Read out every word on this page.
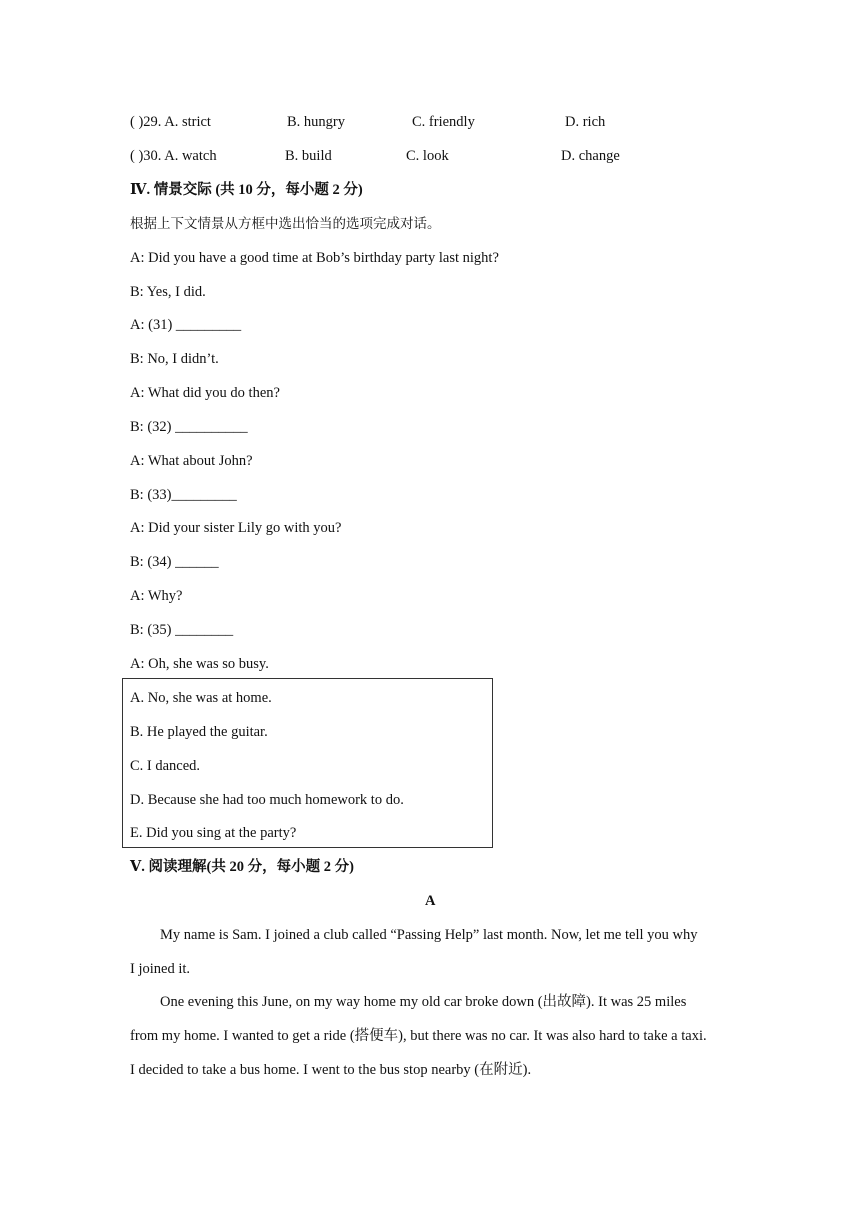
( )29. A. strict	B. hungry	C. friendly	D. rich
( )30. A. watch	B. build	C. look	D. change
Ⅳ. 情景交际 (共 10 分，每小题 2 分)
根据上下文情景从方框中选出恰当的选项完成对话。
A: Did you have a good time at Bob’s birthday party last night?
B: Yes, I did.
A: (31) _________
B: No, I didn’t.
A: What did you do then?
B: (32) __________
A: What about John?
B: (33)_________
A: Did your sister Lily go with you?
B: (34) ______
A: Why?
B: (35) ________
A: Oh, she was so busy.
A. No, she was at home.
B. He played the guitar.
C. I danced.
D. Because she had too much homework to do.
E. Did you sing at the party?
Ⅴ. 阅读理解(共 20 分，每小题 2 分)
A
My name is Sam. I joined a club called “Passing Help” last month. Now, let me tell you why
I joined it.
One evening this June, on my way home my old car broke down (出故障). It was 25 miles
from my home. I wanted to get a ride (搭便车), but there was no car. It was also hard to take a taxi.
I decided to take a bus home. I went to the bus stop nearby (在附近).
